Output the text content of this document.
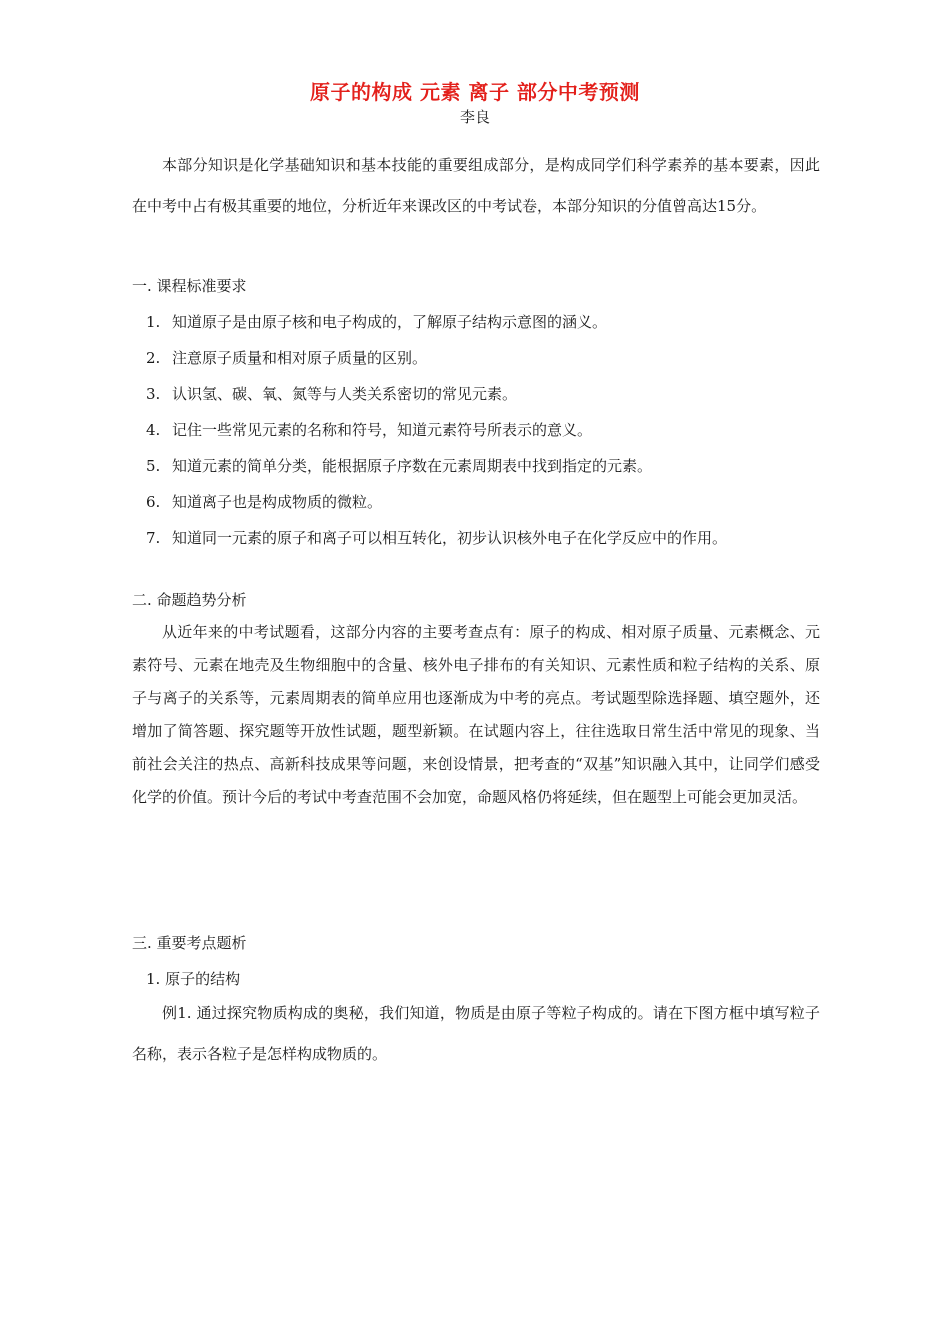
原子的构成 元素 离子 部分中考预测
李良

本部分知识是化学基础知识和基本技能的重要组成部分，是构成同学们科学素养的基本要素，因此在中考中占有极其重要的地位，分析近年来课改区的中考试卷，本部分知识的分值曾高达15分。

一. 课程标准要求

1. 知道原子是由原子核和电子构成的，了解原子结构示意图的涵义。
2. 注意原子质量和相对原子质量的区别。
3. 认识氢、碳、氧、氮等与人类关系密切的常见元素。
4. 记住一些常见元素的名称和符号，知道元素符号所表示的意义。
5. 知道元素的简单分类，能根据原子序数在元素周期表中找到指定的元素。
6. 知道离子也是构成物质的微粒。
7. 知道同一元素的原子和离子可以相互转化，初步认识核外电子在化学反应中的作用。

二. 命题趋势分析

从近年来的中考试题看，这部分内容的主要考查点有：原子的构成、相对原子质量、元素概念、元素符号、元素在地壳及生物细胞中的含量、核外电子排布的有关知识、元素性质和粒子结构的关系、原子与离子的关系等，元素周期表的简单应用也逐渐成为中考的亮点。考试题型除选择题、填空题外，还增加了简答题、探究题等开放性试题，题型新颖。在试题内容上，往往选取日常生活中常见的现象、当前社会关注的热点、高新科技成果等问题，来创设情景，把考查的“双基”知识融入其中，让同学们感受化学的价值。预计今后的考试中考查范围不会加宽，命题风格仍将延续，但在题型上可能会更加灵活。

三. 重要考点题析

1. 原子的结构

例1. 通过探究物质构成的奥秘，我们知道，物质是由原子等粒子构成的。请在下图方框中填写粒子名称，表示各粒子是怎样构成物质的。
